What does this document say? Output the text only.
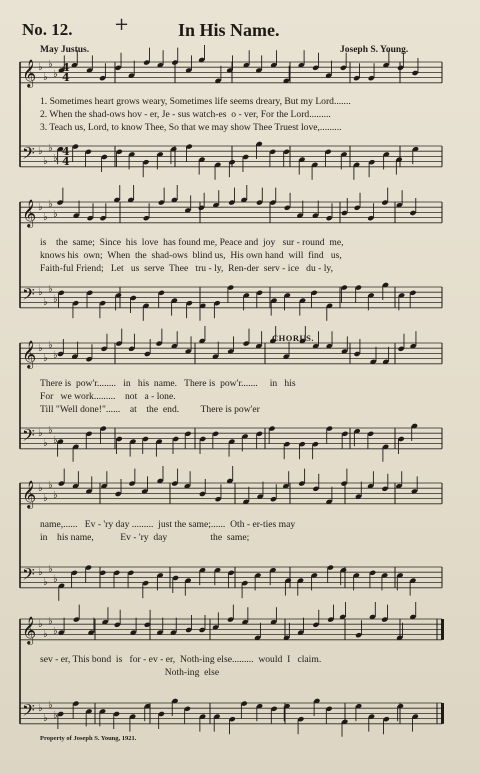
𝄞 ♭
♭
♭
♭
𝄢 ♭
♭
♭
♭
4
4
4
4
𝄞 ♭
♭
♭
♭
𝄢 ♭
♭
♭
♭
𝄞 ♭
♭
♭
♭
𝄢 ♭
♭
♭
♭
𝄞 ♭
♭
♭
♭
𝄢 ♭
♭
♭
♭
𝄞 ♭
♭
♭
♭
𝄢 ♭
♭
♭
♭
No. 12. +	In His Name.
May Justus.	Joseph S. Young.
CHORUS.
1. Sometimes heart grows weary, Sometimes life seems dreary, But my Lord.......
2. When the shad-ows hov - er, Je - sus watch-es  o - ver, For the Lord.........
3. Teach us, Lord, to know Thee, So that we may show Thee Truest love,.........
is    the  same;  Since  his  love  has found me, Peace and  joy   sur - round  me,
knows his  own;  When  the  shad-ows  blind us,  His own hand  will  find   us,
Faith-ful Friend;   Let   us  serve  Thee   tru - ly,  Ren-der  serv - ice   du - ly,
There is  pow'r........   in   his  name.   There is  pow'r.......     in   his
For   we work.........    not   a - lone.
Till "Well done!"......    at    the  end.         There is pow'er
name,......   Ev - 'ry day .........  just the same;......  Oth - er-ties may
in    his name,           Ev - 'ry  day                  the  same;
sev - er, This bond  is   for - ev - er,  Noth-ing else.........  would  I   claim.
Noth-ing  else
Property of Joseph S. Young, 1921.
